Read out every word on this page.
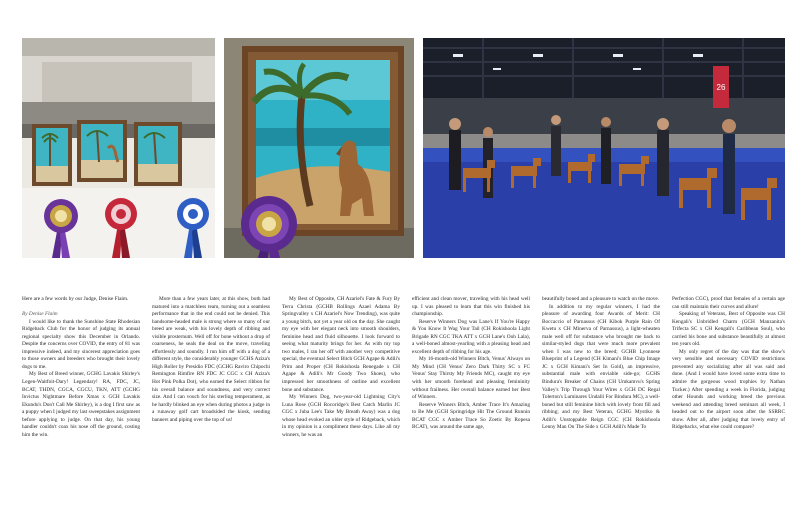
26

Here are a few words by our Judge, Denise Flaim.

By Denise Flaim

I would like to thank the Sunshine State Rhodesian Ridgeback Club for the honor of judging its annual regional specialty show this December in Orlando. Despite the concerns over COVID, the entry of 81 was impressive indeed, and my sincerest appreciation goes to those owners and breeders who brought their lovely dogs to me.

My Best of Breed winner, GCHG Lavakis Shirley's Legen-Waitfoit-Dary! Legendary! RA, FDC, JC, BCAT, THDN, CGCA, CGCU, TKN, ATT (GCHG Invictus Nightmare Before Xmas x GCH Lavakis Ekundu's Don't Call Me Shirley), is a dog I first saw as a puppy when I judged my last sweepstakes assignment before applying to judge. On that day, his young handler couldn't coax his nose off the ground, costing him the win.

More than a few years later, at this show, both had matured into a matchless team, turning out a seamless performance that in the end could not be denied. This handsome-headed male is strong where so many of our breed are weak, with his lovely depth of ribbing and visible prosternum. Well off for bone without a drop of coarseness, he seals the deal on the move, traveling effortlessly and soundly. I run him off with a dog of a different style, the considerably younger GCHS Aziza's High Roller by Presidio FDC (GCHG Raviro Chipochi Remington Rimfire RN FDC JC CGC x CH Aziza's Hot Pink Polka Dot), who earned the Select ribbon for his overall balance and soundness, and very correct size. And I can vouch for his sterling temperament, as he hardly blinked an eye when during photos a judge in a runaway golf cart broadsided the kiosk, sending banners and piping over the top of us!

My Best of Opposite, CH Azariel's Fate & Fury By Terra Christa (GCHB Rollings Azael Adama By Springvalley x CH Azariel's Now Trending), was quite a young bitch, not yet a year old on the day. She caught my eye with her elegant neck into smooth shoulders, feminine head and fluid silhouette. I look forward to seeing what maturity brings for her. As with my top two males, I ran her off with another very competitive special, the eventual Select Bitch GCH Agape & Adili's Prim and Proper (CH Rokishosla Renegade x CH Agape & Adili's Mr Goody Two Shoes), who impressed her smoothness of outline and excellent bone and substance.

My Winners Dog, two-year-old Lightning City's Luna Rose (GCH Rocoridge's Best Catch Marlin JC CGC x Juba Lee's Take My Breath Away) was a dog whose head evoked an older style of Ridgeback, which in my opinion is a compliment these days. Like all my winners, he was an

efficient and clean mover, traveling with his head well up. I was pleased to learn that this win finished his championship.

Reserve Winners Dog was Lane's If You're Happy & You Know It Wag Your Tail (CH Rokishoola Light Brigade RN CGC TKA ATT x GCH Lane's Ooh Lala), a well-boned almost-yearling with a pleasing head and excellent depth of ribbing for his age.

My 16-month-old Winners Bitch, Venus' Always on My Mind (CH Venus' Zero Dark Thirty SC x FC Venus' Stay Thirsty My Friends MC), caught my eye with her smooth forehead and pleasing femininity without frailness. Her overall balance earned her Best of Winners.

Reserve Winners Bitch, Amber Trace It's Amazing to Be Me (GCH Springridge Hit The Ground Runnin BCAT CGC x Amber Trace So Zoetic By Ropesa BCAT), was around the same age,

beautifully boned and a pleasure to watch on the move.

In addition to my regular winners, I had the pleasure of awarding four Awards of Merit: CH Boccaccio of Parnassus (CH Kibok Purple Rain Of Kwetu x CH Minerva of Parnassus), a light-wheaten male well off for substance who brought me back to similar-styled dogs that were much more prevalent when I was new to the breed; GCHB Lyonnese Blueprint of a Legend (CH Kimani's Blue Chip Image JC x GCH Kimani's Set In Gold), an impressive, substantial male with enviable side-go; GCHS Bindura's Breaker of Chains (CH Umkamvu's Spring Valley's Trip Through Your Wires x GCH DC Regal Tolerton's Luminares Undalli For Bindura MC), a well-boned but still feminine bitch with lovely front fill and ribbing; and my Best Veteran, GCHG Mystiko & Adili's Unstoppable Reign CGC (CH Rokishoola Lenny Man On The Side x GCH Adili's Made To

Perfection CGC), proof that females of a certain age can still maintain their curves and allure!

Speaking of Veterans, Best of Opposite was CH Kengali's Unbridled Charm (GCH Manzanita's Trifecta SC x CH Kengali's Caribbean Soul), who carried his bone and substance beautifully at almost ten years old.

My only regret of the day was that the show's very sensible and necessary COVID restrictions prevented any socializing after all was said and done. (And I would have loved some extra time to admire the gorgeous wood trophies by Nathan Tucker.) After spending a week in Florida, judging other Hounds and working breed the previous weekend and attending breed seminars all week, I headed out to the airport soon after the SSRRC show. After all, after judging that lovely entry of Ridgebacks, what else could compare?
